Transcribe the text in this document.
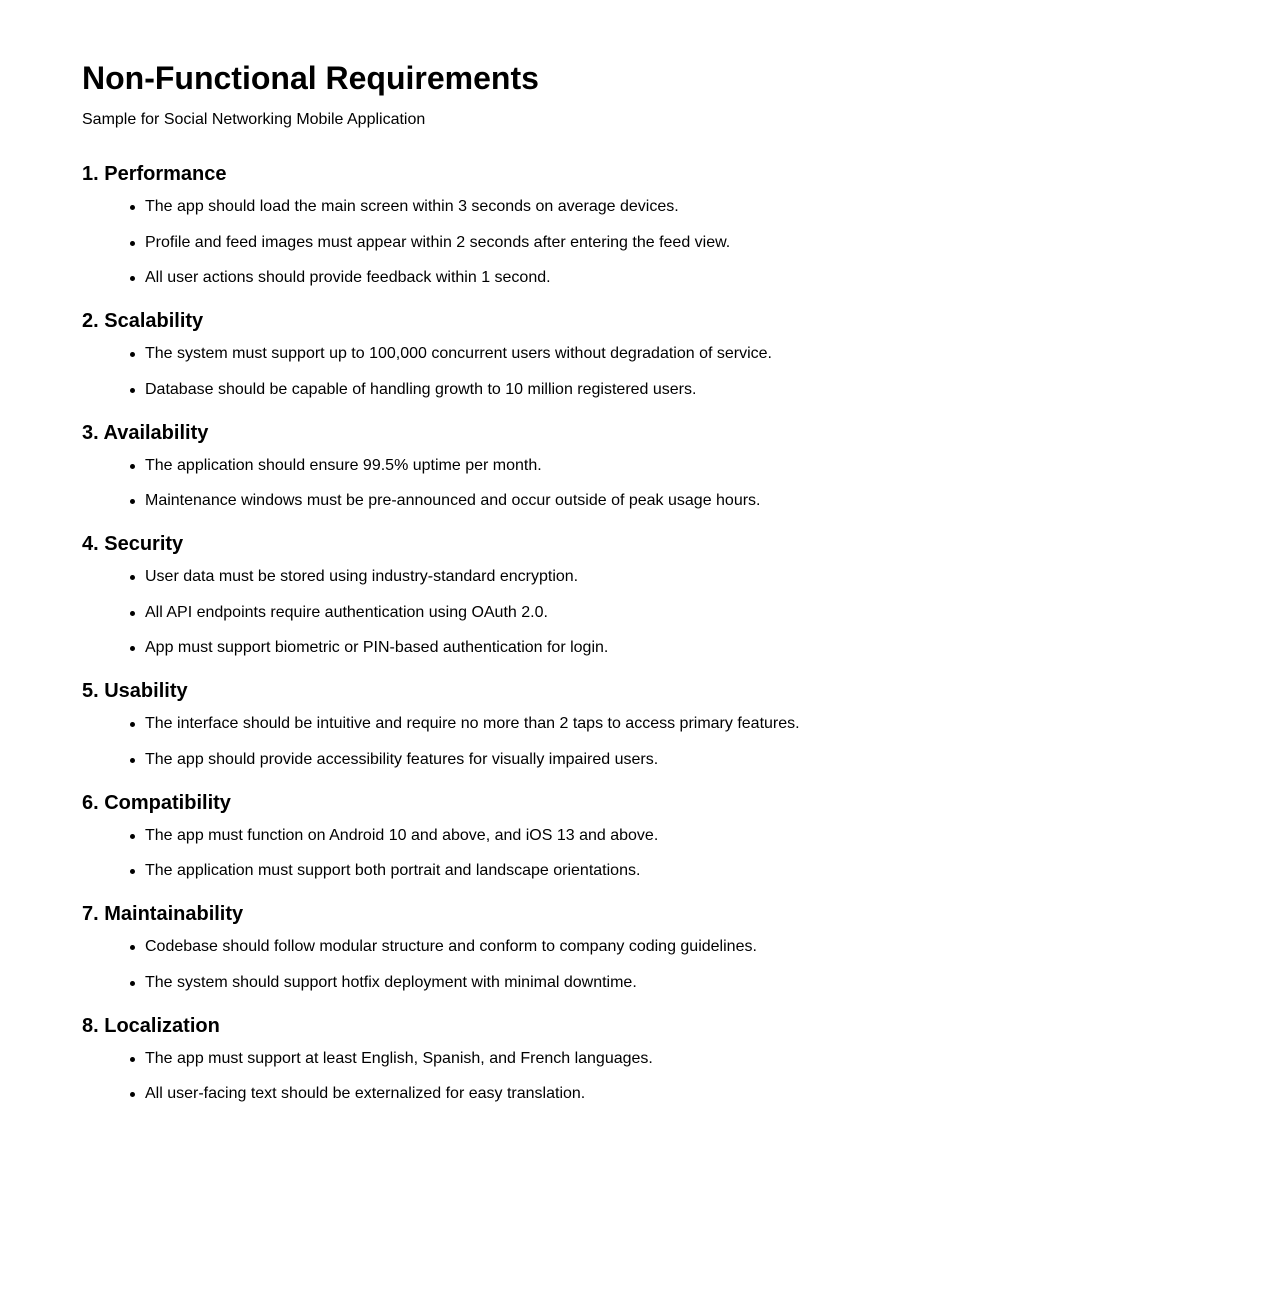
Non-Functional Requirements

Sample for Social Networking Mobile Application

1. Performance
The app should load the main screen within 3 seconds on average devices.
Profile and feed images must appear within 2 seconds after entering the feed view.
All user actions should provide feedback within 1 second.
2. Scalability
The system must support up to 100,000 concurrent users without degradation of service.
Database should be capable of handling growth to 10 million registered users.
3. Availability
The application should ensure 99.5% uptime per month.
Maintenance windows must be pre-announced and occur outside of peak usage hours.
4. Security
User data must be stored using industry-standard encryption.
All API endpoints require authentication using OAuth 2.0.
App must support biometric or PIN-based authentication for login.
5. Usability
The interface should be intuitive and require no more than 2 taps to access primary features.
The app should provide accessibility features for visually impaired users.
6. Compatibility
The app must function on Android 10 and above, and iOS 13 and above.
The application must support both portrait and landscape orientations.
7. Maintainability
Codebase should follow modular structure and conform to company coding guidelines.
The system should support hotfix deployment with minimal downtime.
8. Localization
The app must support at least English, Spanish, and French languages.
All user-facing text should be externalized for easy translation.
